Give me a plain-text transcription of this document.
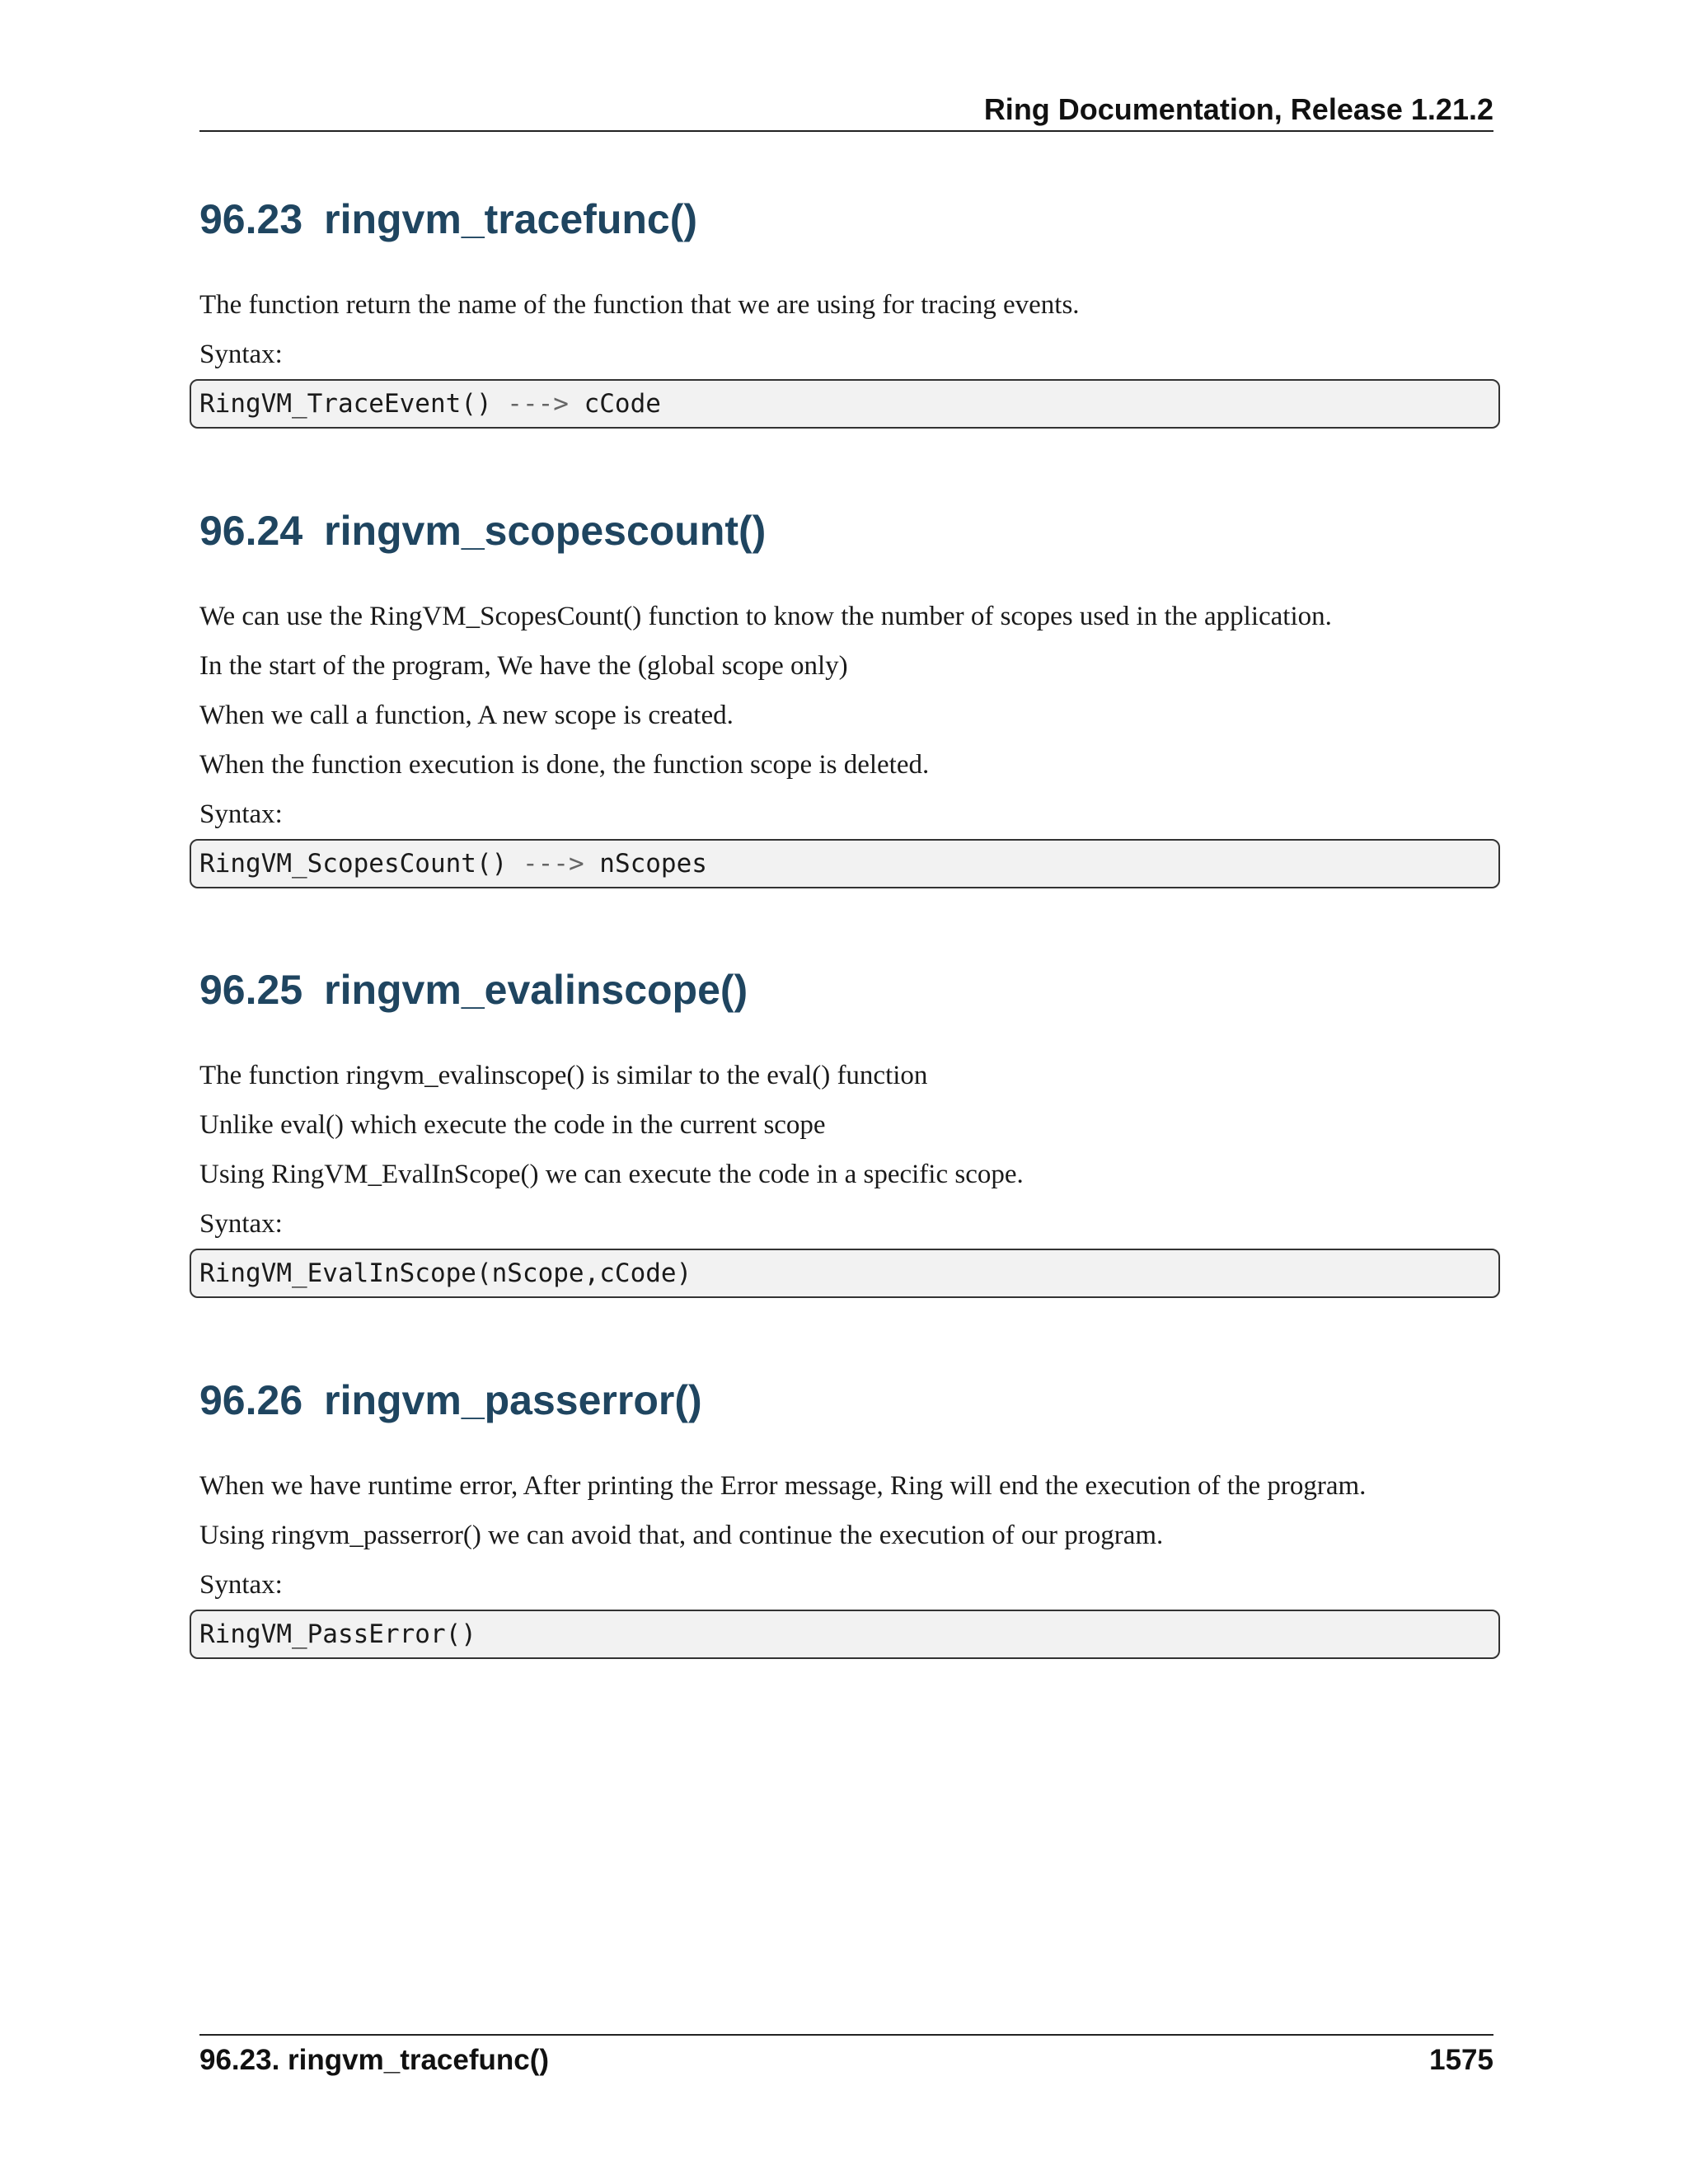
Ring Documentation, Release 1.21.2
96.23 ringvm_tracefunc()

The function return the name of the function that we are using for tracing events.

Syntax:

RingVM_TraceEvent() ---> cCode
96.24 ringvm_scopescount()

We can use the RingVM_ScopesCount() function to know the number of scopes used in the application.

In the start of the program, We have the (global scope only)

When we call a function, A new scope is created.

When the function execution is done, the function scope is deleted.

Syntax:

RingVM_ScopesCount() ---> nScopes
96.25 ringvm_evalinscope()

The function ringvm_evalinscope() is similar to the eval() function

Unlike eval() which execute the code in the current scope

Using RingVM_EvalInScope() we can execute the code in a specific scope.

Syntax:

RingVM_EvalInScope(nScope,cCode)
96.26 ringvm_passerror()

When we have runtime error, After printing the Error message, Ring will end the execution of the program.

Using ringvm_passerror() we can avoid that, and continue the execution of our program.

Syntax:

RingVM_PassError()
96.23. ringvm_tracefunc()	1575
